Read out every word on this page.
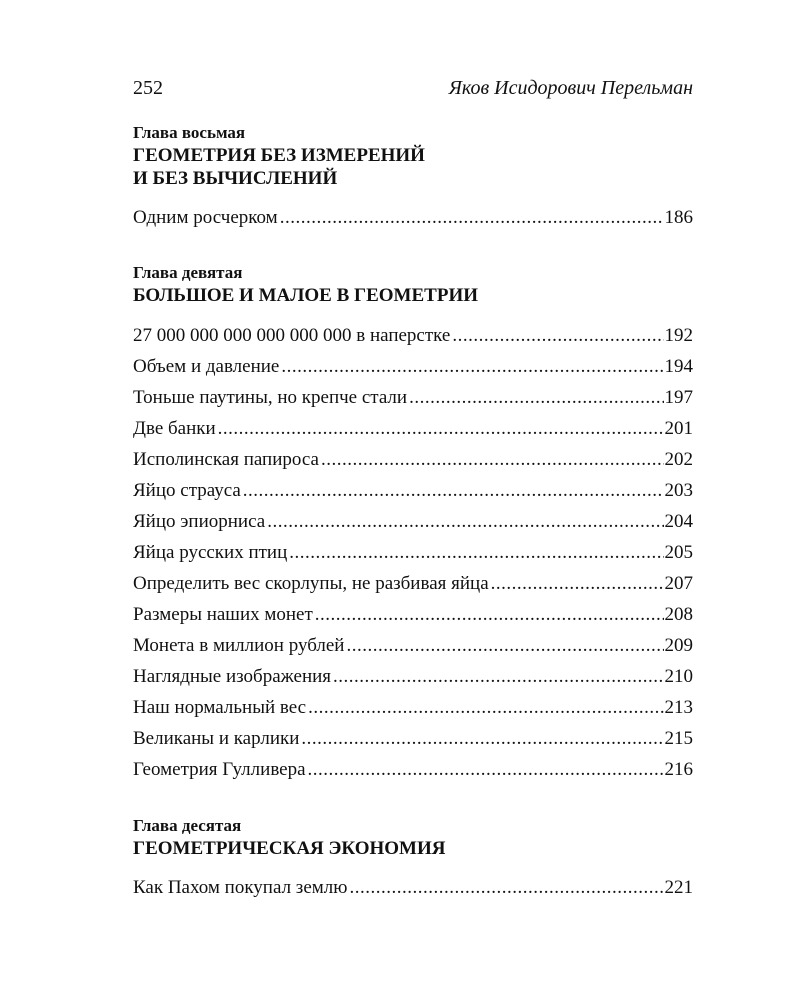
252	Яков Исидорович Перельман
Глава восьмая
ГЕОМЕТРИЯ БЕЗ ИЗМЕРЕНИЙ
И БЕЗ ВЫЧИСЛЕНИЙ
Одним росчерком .....	186
Глава девятая
БОЛЬШОЕ И МАЛОЕ В ГЕОМЕТРИИ
27 000 000 000 000 000 000 в наперстке .....	192
Объем и давление .....	194
Тоньше паутины, но крепче стали .....	197
Две банки .....	201
Исполинская папироса .....	202
Яйцо страуса .....	203
Яйцо эпиорниса .....	204
Яйца русских птиц .....	205
Определить вес скорлупы, не разбивая яйца .....	207
Размеры наших монет .....	208
Монета в миллион рублей .....	209
Наглядные изображения .....	210
Наш нормальный вес .....	213
Великаны и карлики .....	215
Геометрия Гулливера .....	216
Глава десятая
ГЕОМЕТРИЧЕСКАЯ ЭКОНОМИЯ
Как Пахом покупал землю .....	221
